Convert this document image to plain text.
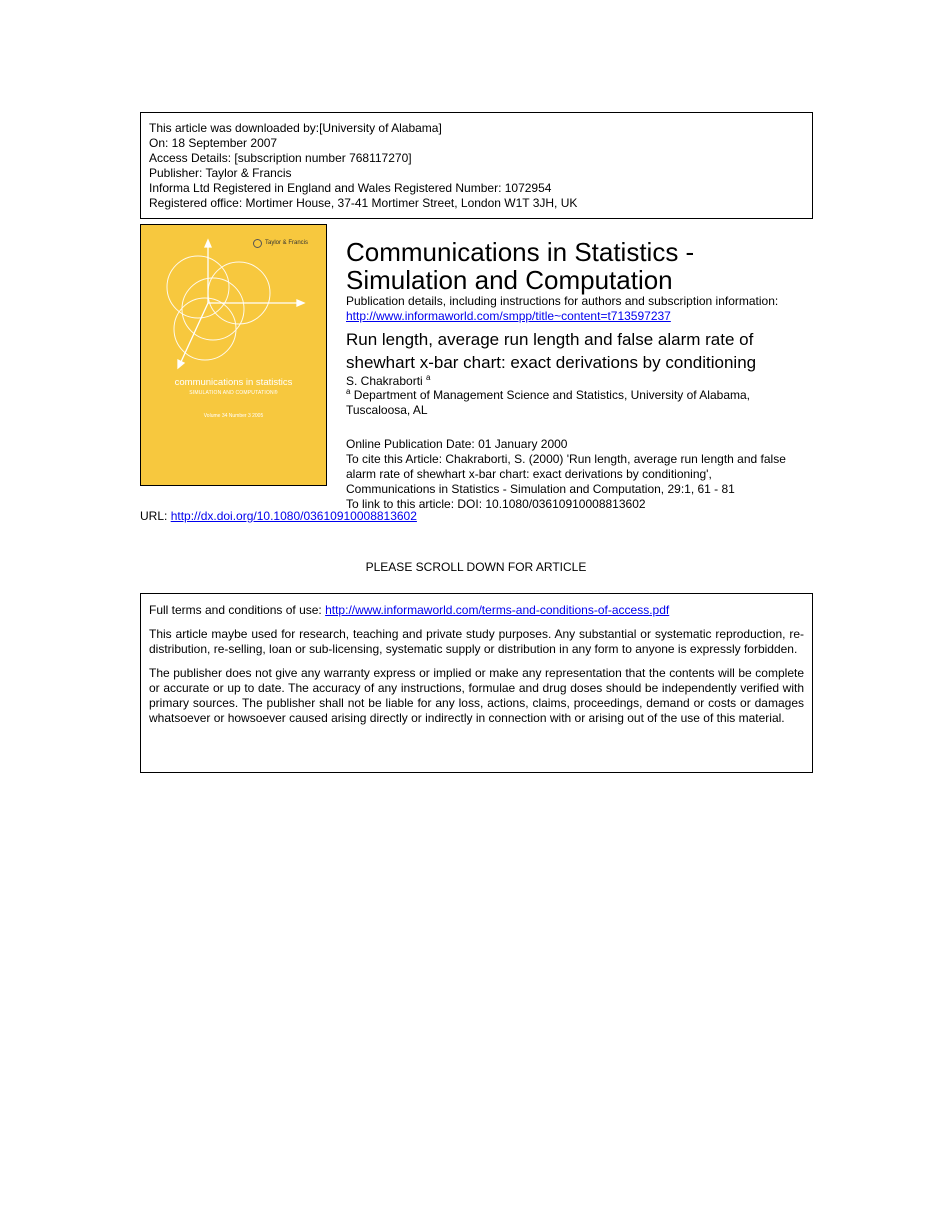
This article was downloaded by:[University of Alabama]
On: 18 September 2007
Access Details: [subscription number 768117270]
Publisher: Taylor & Francis
Informa Ltd Registered in England and Wales Registered Number: 1072954
Registered office: Mortimer House, 37-41 Mortimer Street, London W1T 3JH, UK
Taylor & Francis
communications in statistics
SIMULATION AND COMPUTATION®
Volume 34 Number 3 2005
Communications in Statistics -
Simulation and Computation
Publication details, including instructions for authors and subscription information:
http://www.informaworld.com/smpp/title~content=t713597237
Run length, average run length and false alarm rate of
shewhart x-bar chart: exact derivations by conditioning
S. Chakraborti $^a$
$^a$ Department of Management Science and Statistics, University of Alabama,
Tuscaloosa, AL
Online Publication Date: 01 January 2000
To cite this Article: Chakraborti, S. (2000) 'Run length, average run length and false
alarm rate of shewhart x-bar chart: exact derivations by conditioning',
Communications in Statistics - Simulation and Computation, 29:1, 61 - 81
To link to this article: DOI: 10.1080/03610910008813602
URL: http://dx.doi.org/10.1080/03610910008813602
PLEASE SCROLL DOWN FOR ARTICLE

Full terms and conditions of use: http://www.informaworld.com/terms-and-conditions-of-access.pdf

This article maybe used for research, teaching and private study purposes. Any substantial or systematic reproduction, re-distribution, re-selling, loan or sub-licensing, systematic supply or distribution in any form to anyone is expressly forbidden.

The publisher does not give any warranty express or implied or make any representation that the contents will be complete or accurate or up to date. The accuracy of any instructions, formulae and drug doses should be independently verified with primary sources. The publisher shall not be liable for any loss, actions, claims, proceedings, demand or costs or damages whatsoever or howsoever caused arising directly or indirectly in connection with or arising out of the use of this material.
